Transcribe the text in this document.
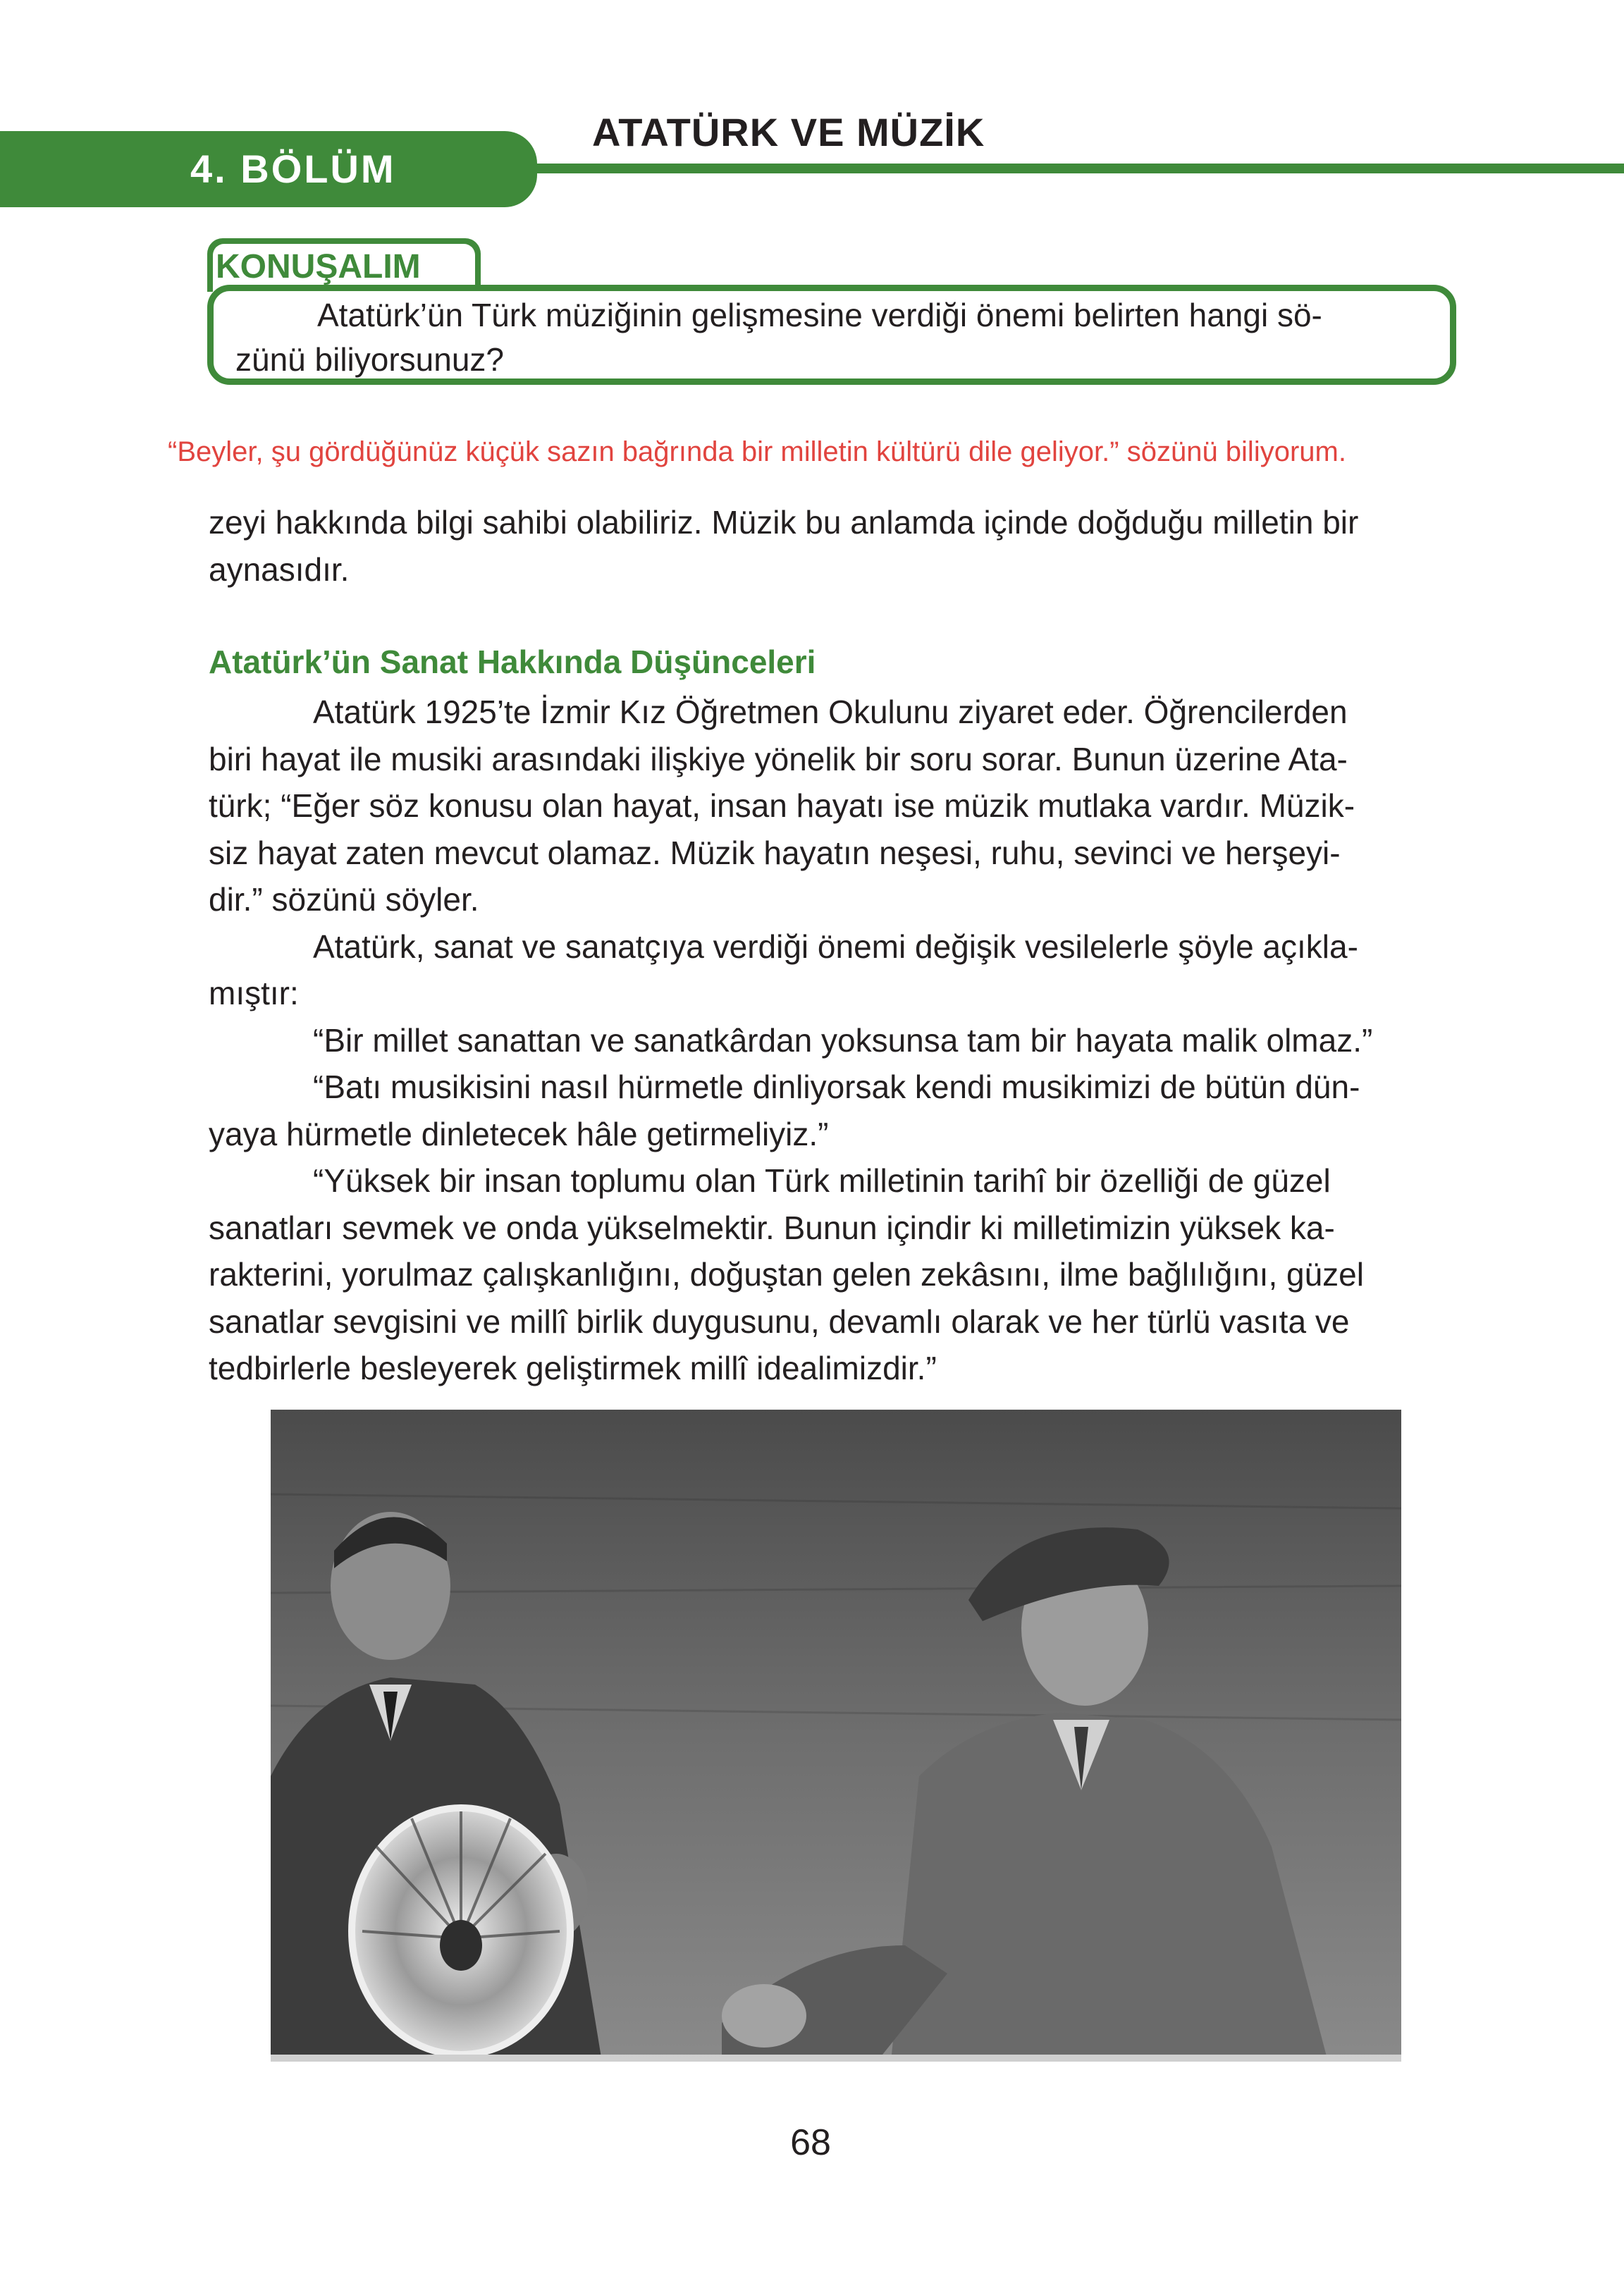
4. BÖLÜM
ATATÜRK VE MÜZİK
KONUŞALIM
Atatürk’ün Türk müziğinin gelişmesine verdiği önemi belirten hangi sö-
zünü biliyorsunuz?
“Beyler, şu gördüğünüz küçük sazın bağrında bir milletin kültürü dile geliyor.” sözünü biliyorum.
zeyi hakkında bilgi sahibi olabiliriz. Müzik bu anlamda içinde doğduğu milletin bir
aynasıdır.
Atatürk’ün Sanat Hakkında Düşünceleri
Atatürk 1925’te İzmir Kız Öğretmen Okulunu ziyaret eder. Öğrencilerden
biri hayat ile musiki arasındaki ilişkiye yönelik bir soru sorar. Bunun üzerine Ata-
türk; “Eğer söz konusu olan hayat, insan hayatı ise müzik mutlaka vardır. Müzik-
siz hayat zaten mevcut olamaz. Müzik hayatın neşesi, ruhu, sevinci ve herşeyi-
dir.” sözünü söyler.
Atatürk, sanat ve sanatçıya verdiği önemi değişik vesilelerle şöyle açıkla-
mıştır:
“Bir millet sanattan ve sanatkârdan yoksunsa tam bir hayata malik olmaz.”
“Batı musikisini nasıl hürmetle dinliyorsak kendi musikimizi de bütün dün-
yaya hürmetle dinletecek hâle getirmeliyiz.”
“Yüksek bir insan toplumu olan Türk milletinin tarihî bir özelliği de güzel
sanatları sevmek ve onda yükselmektir. Bunun içindir ki milletimizin yüksek ka-
rakterini, yorulmaz çalışkanlığını, doğuştan gelen zekâsını, ilme bağlılığını, güzel
sanatlar sevgisini ve millî birlik duygusunu, devamlı olarak ve her türlü vasıta ve
tedbirlerle besleyerek geliştirmek millî idealimizdir.”
68
